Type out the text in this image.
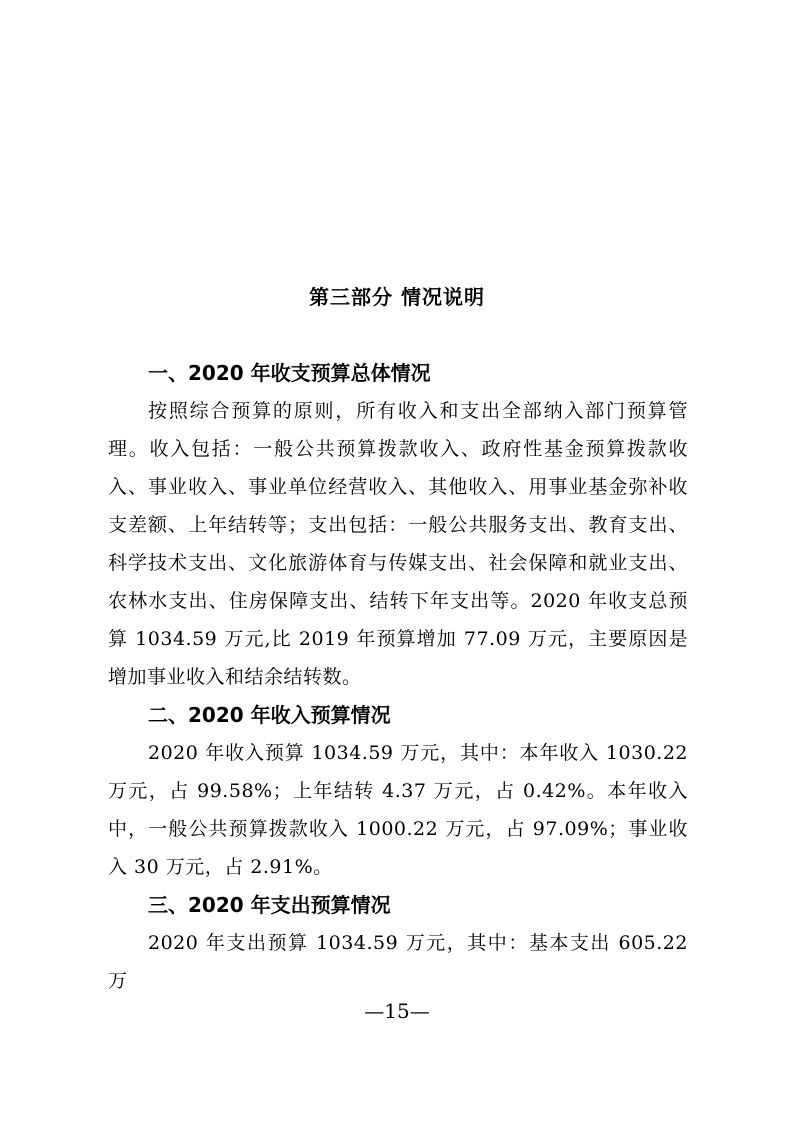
第三部分 情况说明
一、2020 年收支预算总体情况

按照综合预算的原则，所有收入和支出全部纳入部门预算管理。收入包括：一般公共预算拨款收入、政府性基金预算拨款收入、事业收入、事业单位经营收入、其他收入、用事业基金弥补收支差额、上年结转等；支出包括：一般公共服务支出、教育支出、科学技术支出、文化旅游体育与传媒支出、社会保障和就业支出、农林水支出、住房保障支出、结转下年支出等。2020 年收支总预算 1034.59 万元,比 2019 年预算增加 77.09 万元，主要原因是增加事业收入和结余结转数。

二、2020 年收入预算情况

2020 年收入预算 1034.59 万元，其中：本年收入 1030.22 万元，占 99.58%；上年结转 4.37 万元，占 0.42%。本年收入中，一般公共预算拨款收入 1000.22 万元，占 97.09%；事业收入 30 万元，占 2.91%。

三、2020 年支出预算情况

2020 年支出预算 1034.59 万元，其中：基本支出 605.22 万

—15—
